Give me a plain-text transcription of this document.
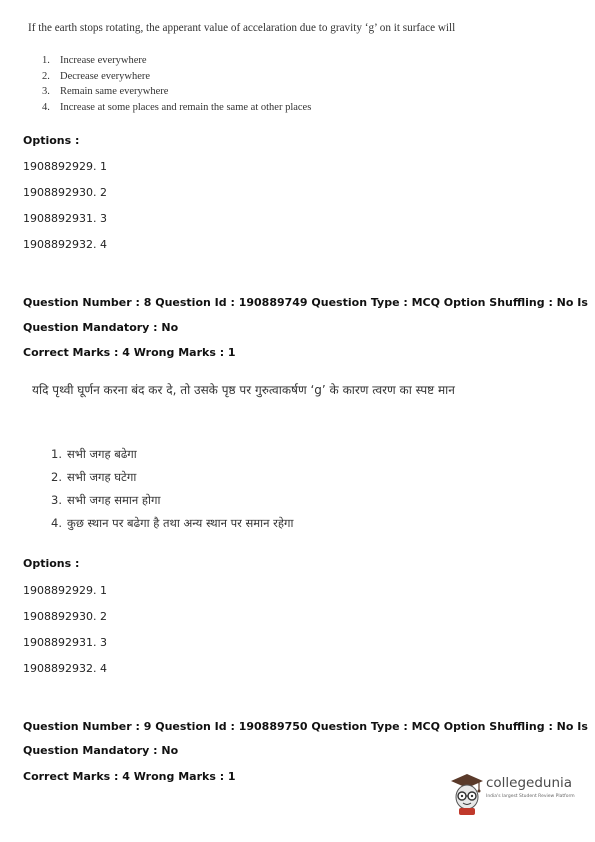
If the earth stops rotating, the apperant value of accelaration due to gravity ‘g’ on it surface will
1. Increase everywhere
2. Decrease everywhere
3. Remain same everywhere
4. Increase at some places and remain the same at other places
Options :
1908892929. 1
1908892930. 2
1908892931. 3
1908892932. 4
Question Number : 8 Question Id : 190889749 Question Type : MCQ Option Shuffling : No Is
Question Mandatory : No
Correct Marks : 4 Wrong Marks : 1
यदि पृथ्वी घूर्णन करना बंद कर दे, तो उसके पृष्ठ पर गुरुत्वाकर्षण ‘g’ के कारण त्वरण का स्पष्ट मान
1. सभी जगह बढेगा
2. सभी जगह घटेगा
3. सभी जगह समान होगा
4. कुछ स्थान पर बढेगा है तथा अन्य स्थान पर समान रहेगा
Options :
1908892929. 1
1908892930. 2
1908892931. 3
1908892932. 4
Question Number : 9 Question Id : 190889750 Question Type : MCQ Option Shuffling : No Is
Question Mandatory : No
Correct Marks : 4 Wrong Marks : 1	collegedunia
India's largest Student Review Platform
